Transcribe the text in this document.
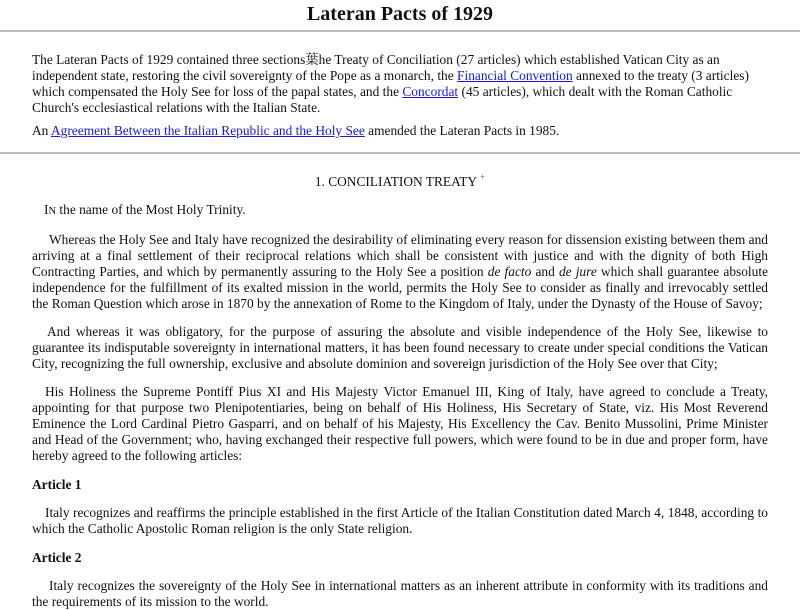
Lateran Pacts of 1929

The Lateran Pacts of 1929 contained three sections葉he Treaty of Conciliation (27 articles) which established Vatican City as an independent state, restoring the civil sovereignty of the Pope as a monarch, the Financial Convention annexed to the treaty (3 articles) which compensated the Holy See for loss of the papal states, and the Concordat (45 articles), which dealt with the Roman Catholic Church's ecclesiastical relations with the Italian State.

An Agreement Between the Italian Republic and the Holy See amended the Lateran Pacts in 1985.

1. CONCILIATION TREATY +

IN the name of the Most Holy Trinity.

Whereas the Holy See and Italy have recognized the desirability of eliminating every reason for dissension existing between them and arriving at a final settlement of their reciprocal relations which shall be consistent with justice and with the dignity of both High Contracting Parties, and which by permanently assuring to the Holy See a position de facto and de jure which shall guarantee absolute independence for the fulfillment of its exalted mission in the world, permits the Holy See to consider as finally and irrevocably settled the Roman Question which arose in 1870 by the annexation of Rome to the Kingdom of Italy, under the Dynasty of the House of Savoy;

And whereas it was obligatory, for the purpose of assuring the absolute and visible independence of the Holy See, likewise to guarantee its indisputable sovereignty in international matters, it has been found necessary to create under special conditions the Vatican City, recognizing the full ownership, exclusive and absolute dominion and sovereign jurisdiction of the Holy See over that City;

His Holiness the Supreme Pontiff Pius XI and His Majesty Victor Emanuel III, King of Italy, have agreed to conclude a Treaty, appointing for that purpose two Plenipotentiaries, being on behalf of His Holiness, His Secretary of State, viz. His Most Reverend Eminence the Lord Cardinal Pietro Gasparri, and on behalf of his Majesty, His Excellency the Cav. Benito Mussolini, Prime Minister and Head of the Government; who, having exchanged their respective full powers, which were found to be in due and proper form, have hereby agreed to the following articles:

Article 1

Italy recognizes and reaffirms the principle established in the first Article of the Italian Constitution dated March 4, 1848, according to which the Catholic Apostolic Roman religion is the only State religion.

Article 2

Italy recognizes the sovereignty of the Holy See in international matters as an inherent attribute in conformity with its traditions and the requirements of its mission to the world.
